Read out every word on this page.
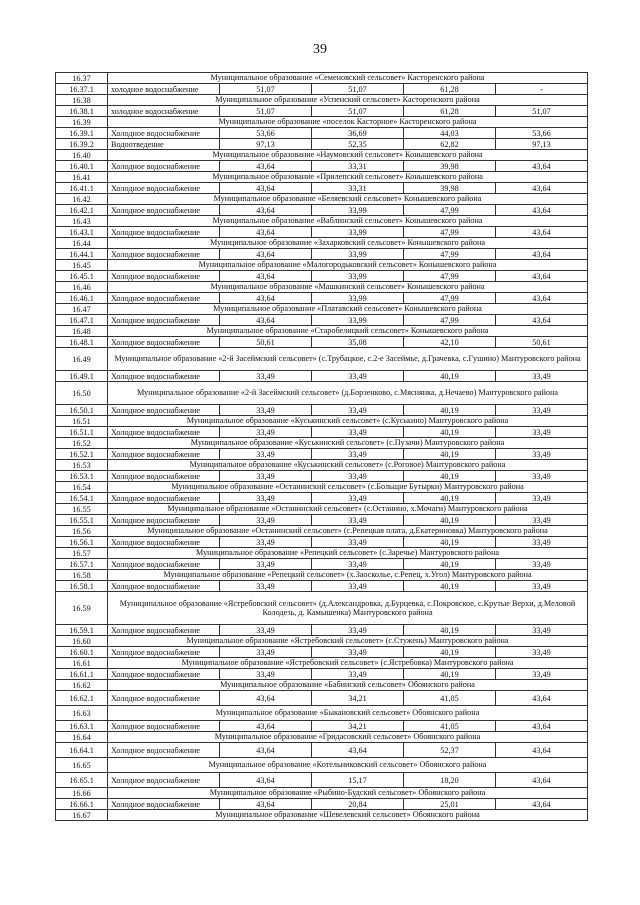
39
16.37	Муниципальное образование «Семеновский сельсовет» Касторенского района				
16.37.1	холодное водоснабжение	51,07	51,07	61,28	-
16.38	Муниципальное образование «Успенский сельсовет» Касторенского района				
16.38.1	холодное водоснабжение	51,07	51,07	61,28	51,07
16.39	Муниципальное образование «поселок Касторное» Касторенского района				
16.39.1	Холодное водоснабжение	53,66	36,69	44,03	53,66
16.39.2	Водоотведение	97,13	52,35	62,82	97,13
16.40	Муниципальное образование «Наумовский сельсовет» Конышевского района				
16.40.1	Холодное водоснабжение	43,64	33,31	39,98	43,64
16.41	Муниципальное образование «Прилепский сельсовет» Конышевского района				
16.41.1	Холодное водоснабжение	43,64	33,31	39,98	43,64
16.42	Муниципальное образование «Беляевский сельсовет» Конышевского района				
16.42.1	Холодное водоснабжение	43,64	33,99	47,99	43,64
16.43	Муниципальное образование «Ваблинский сельсовет» Конышевского района				
16.43.1	Холодное водоснабжение	43,64	33,99	47,99	43,64
16.44	Муниципальное образование «Захарковский сельсовет» Конышевского района				
16.44.1	Холодное водоснабжение	43,64	33,99	47,99	43,64
16.45	Муниципальное образование «Малогородьковский сельсовет» Конышевского района				
16.45.1	Холодное водоснабжение	43,64	33,99	47,99	43,64
16.46	Муниципальное образование «Машкинский сельсовет» Конышевского района				
16.46.1	Холодное водоснабжение	43,64	33,99	47,99	43,64
16.47	Муниципальное образование «Платавский сельсовет» Конышевского района				
16.47.1	Холодное водоснабжение	43,64	33,99	47,99	43,64
16.48	Муниципальное образование «Старобелицкий сельсовет» Конышевского района				
16.48.1	Холодное водоснабжение	50,61	35,08	42,10	50,61
16.49	Муниципальное образование «2-й Засеймский сельсовет» (с.Трубацкое, с.2-е Засеймье, д.Грачевка, с.Гушино) Мантуровского района				
16.49.1	Холодное водоснабжение	33,49	33,49	40,19	33,49
16.50	Муниципальное образование «2-й Засеймский сельсовет» (д.Борзенково, с.Мяснянка, д.Нечаево) Мантуровского района				
16.50.1	Холодное водоснабжение	33,49	33,49	40,19	33,49
16.51	Муниципальное образование «Куськинский сельсовет» (с.Куськино) Мантуровского района				
16.51.1	Холодное водоснабжение	33,49	33,49	40,19	33,49
16.52	Муниципальное образование «Куськинский сельсовет» (с.Пузачи) Мантуровского района				
16.52.1	Холодное водоснабжение	33,49	33,49	40,19	33,49
16.53	Муниципальное образование «Куськинский сельсовет» (с.Роговое) Мантуровского района				
16.53.1	Холодное водоснабжение	33,49	33,49	40,19	33,49
16.54	Муниципальное образование «Останинский сельсовет» (с.Больщие Бутырки) Мантуровского района				
16.54.1	Холодное водоснабжение	33,49	33,49	40,19	33,49
16.55	Муниципальное образование «Останинский сельсовет» (с.Останино, х.Мочаги) Мантуровского района				
16.55.1	Холодное водоснабжение	33,49	33,49	40,19	33,49
16.56	Муниципальное образование «Останинский сельсовет» (с.Репецкая плата, д.Екатериновка) Мантуровского района				
16.56.1	Холодное водоснабжение	33,49	33,49	40,19	33,49
16.57	Муниципальное образование «Репецкий сельсовет» (с.Заречье) Мантуровского района				
16.57.1	Холодное водоснабжение	33,49	33,49	40,19	33,49
16.58	Муниципальное образование «Репецкий сельсовет» (х.Заосколье, с.Репец, х.Угол) Мантуровского района				
16.58.1	Холодное водоснабжение	33,49	33,49	40,19	33,49
16.59	Муниципальное образование «Ястребовский сельсовет» (д.Александровка, д.Бурцевка, с.Покровское, с.Крутые Верхи, д.Меловой Колодезь, д. Камышенка) Мантуровского района				
16.59.1	Холодное водоснабжение	33,49	33,49	40,19	33,49
16.60	Муниципальное образование «Ястребовский сельсовет» (с.Стужень) Мантуровского района				
16.60.1	Холодное водоснабжение	33,49	33,49	40,19	33,49
16.61	Муниципальное образование «Ястребовский сельсовет» (с.Ястребовка) Мантуровского района				
16.61.1	Холодное водоснабжение	33,49	33,49	40,19	33,49
16.62	Муниципальное образование «Бабинский сельсовет» Обоянского района				
16.62.1	Холодное водоснабжение	43,64	34,21	41,05	43,64
16.63	Муниципальное образование «Быкановский сельсовет» Обоянского района				
16.63.1	Холодное водоснабжение	43,64	34,21	41,05	43,64
16.64	Муниципальное образование «Гридасовский сельсовет» Обоянского района				
16.64.1	Холодное водоснабжение	43,64	43,64	52,37	43,64
16.65	Муниципальное образование «Котельниковский сельсовет» Обоянского района				
16.65.1	Холодное водоснабжение	43,64	15,17	18,20	43,64
16.66	Муниципальное образование «Рыбино-Будский сельсовет» Обоянского района				
16.66.1	Холодное водоснабжение	43,64	20,84	25,01	43,64
16.67	Муниципальное образование «Шевелевский сельсовет» Обоянского района				
